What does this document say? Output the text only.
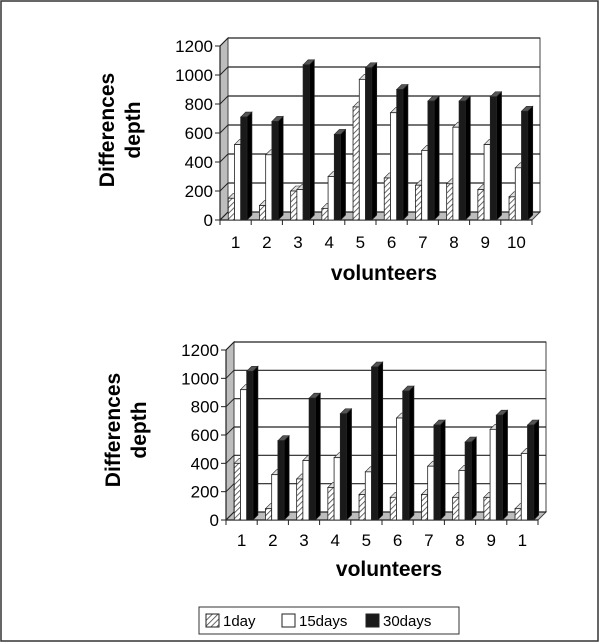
Differences depth
volunteers
0
200
400
600
800
1000
1200
1 2 3 4 5 6 7 8 9 10
Differences depth
volunteers
0
200
400
600
800
1000
1200
1 2 3 4 5 6 7 8 9 1
1day	15days 30days
